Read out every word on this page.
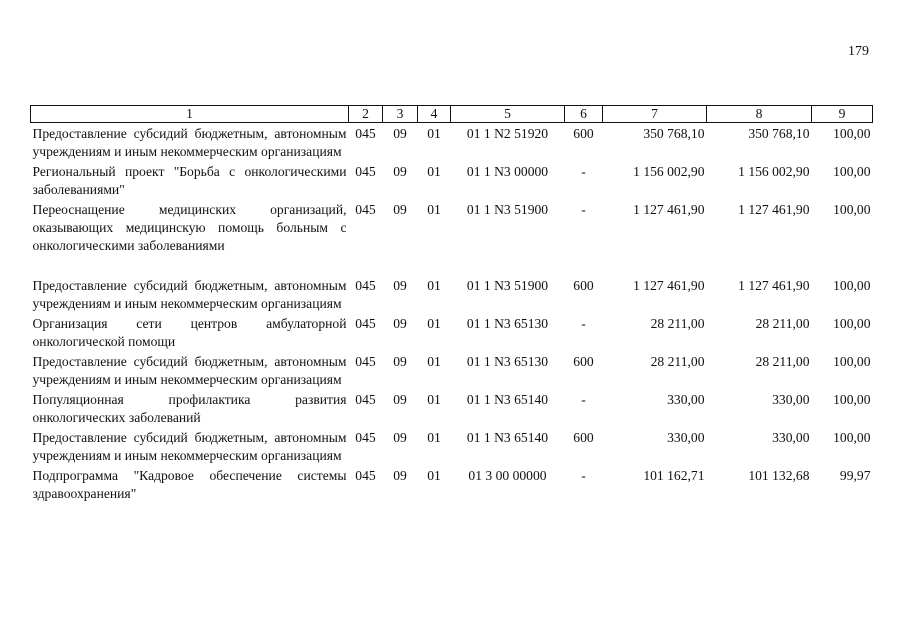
179
1	2	3	4	5	6	7	8	9
Предоставление субсидий бюджетным, автономным учреждениям и иным некоммерческим организациям	045	09	01	01 1 N2 51920	600	350 768,10	350 768,10	100,00
Региональный проект "Борьба с онкологическими заболеваниями"	045	09	01	01 1 N3 00000	-	1 156 002,90	1 156 002,90	100,00
Переоснащение медицинских организаций, оказывающих медицинскую помощь больным с онкологическими заболеваниями	045	09	01	01 1 N3 51900	-	1 127 461,90	1 127 461,90	100,00

Предоставление субсидий бюджетным, автономным учреждениям и иным некоммерческим организациям	045	09	01	01 1 N3 51900	600	1 127 461,90	1 127 461,90	100,00
Организация сети центров амбулаторной онкологической помощи	045	09	01	01 1 N3 65130	-	28 211,00	28 211,00	100,00
Предоставление субсидий бюджетным, автономным учреждениям и иным некоммерческим организациям	045	09	01	01 1 N3 65130	600	28 211,00	28 211,00	100,00
Популяционная профилактика развития онкологических заболеваний	045	09	01	01 1 N3 65140	-	330,00	330,00	100,00
Предоставление субсидий бюджетным, автономным учреждениям и иным некоммерческим организациям	045	09	01	01 1 N3 65140	600	330,00	330,00	100,00
Подпрограмма "Кадровое обеспечение системы здравоохранения"	045	09	01	01 3 00 00000	-	101 162,71	101 132,68	99,97
